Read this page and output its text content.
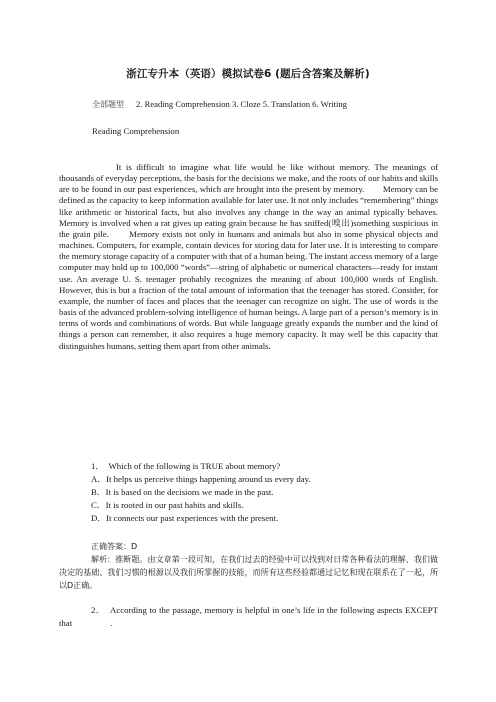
浙江专升本（英语）模拟试卷6 (题后含答案及解析)
全部题型 2. Reading Comprehension 3. Cloze 5. Translation 6. Writing
Reading Comprehension

It is difficult to imagine what life would be like without memory. The meanings of thousands of everyday perceptions, the basis for the decisions we make, and the roots of our habits and skills are to be found in our past experiences, which are brought into the present by memory.　　Memory can be defined as the capacity to keep information available for later use. It not only includes “remembering” things like arithmetic or historical facts, but also involves any change in the way an animal typically behaves. Memory is involved when a rat gives up eating grain because he has sniffed(嗅出)something suspicious in the grain pile.　　Memory exists not only in humans and animals but also in some physical objects and machines. Computers, for example, contain devices for storing data for later use. It is interesting to compare the memory storage capacity of a computer with that of a human being. The instant access memory of a large computer may hold up to 100,000 “words”—string of alphabetic or numerical characters—ready for instant use. An average U. S. teenager probably recognizes the meaning of about 100,000 words of English. However, this is but a fraction of the total amount of information that the teenager has stored. Consider, for example, the number of faces and places that the teenager can recognize on sight. The use of words is the basis of the advanced problem-solving intelligence of human beings. A large part of a person’s memory is in terms of words and combinations of words. But while language greatly expands the number and the kind of things a person can remember, it also requires a huge memory capacity. It may well be this capacity that distinguishes humans, setting them apart from other animals.

1．　Which of the following is TRUE about memory?
A．It helps us perceive things happening around us every day.
B．It is based on the decisions we made in the past.
C．It is rooted in our past habits and skills.
D．It connects our past experiences with the present.
正确答案：D
解析：推断题。由文章第一段可知，在我们过去的经验中可以找到对日常各种看法的理解、我们做决定的基础、我们习惯的根源以及我们所掌握的技能，而所有这些经验都通过记忆和现在联系在了一起，所以D正确。
2．　According to the passage, memory is helpful in one’s life in the following aspects EXCEPT that	.
